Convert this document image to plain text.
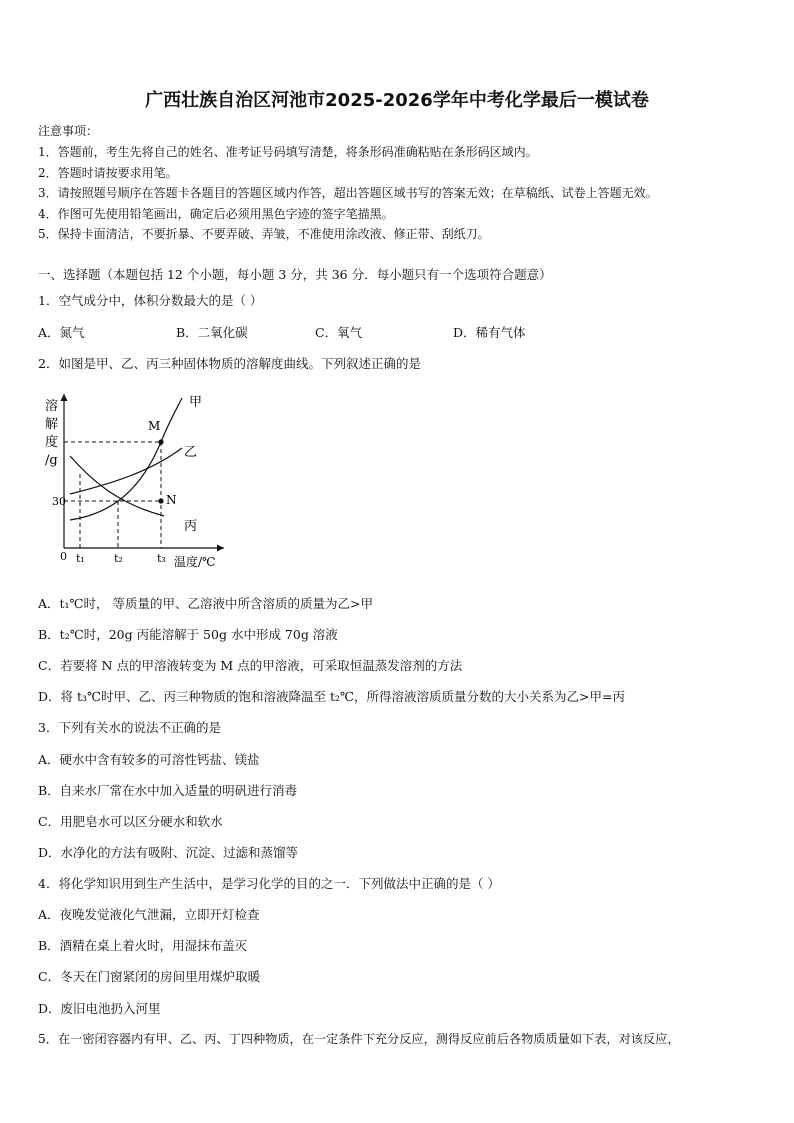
广西壮族自治区河池市2025-2026学年中考化学最后一模试卷
注意事项：
1．答题前，考生先将自己的姓名、准考证号码填写清楚，将条形码准确粘贴在条形码区域内。
2．答题时请按要求用笔。
3．请按照题号顺序在答题卡各题目的答题区域内作答，超出答题区域书写的答案无效；在草稿纸、试卷上答题无效。
4．作图可先使用铅笔画出，确定后必须用黑色字迹的签字笔描黑。
5．保持卡面清洁，不要折暴、不要弄破、弄皱，不准使用涂改液、修正带、刮纸刀。
一、选择题（本题包括 12 个小题，每小题 3 分，共 36 分．每小题只有一个选项符合题意）
1．空气成分中，体积分数最大的是（ ）
A．氮气	B．二氧化碳	C．氧气	D．稀有气体
2．如图是甲、乙、丙三种固体物质的溶解度曲线。下列叙述正确的是
溶
解
度
/g
甲
乙
丙
M
N
30
0 t₁	t₂	t₃ 温度/℃
A．t₁℃时， 等质量的甲、乙溶液中所含溶质的质量为乙>甲
B．t₂℃时，20g 丙能溶解于 50g 水中形成 70g 溶液
C．若要将 N 点的甲溶液转变为 M 点的甲溶液，可采取恒温蒸发溶剂的方法
D．将 t₃℃时甲、乙、丙三种物质的饱和溶液降温至 t₂℃，所得溶液溶质质量分数的大小关系为乙>甲=丙
3．下列有关水的说法不正确的是
A．硬水中含有较多的可溶性钙盐、镁盐
B．自来水厂常在水中加入适量的明矾进行消毒
C．用肥皂水可以区分硬水和软水
D．水净化的方法有吸附、沉淀、过滤和蒸馏等
4．将化学知识用到生产生活中，是学习化学的目的之一．下列做法中正确的是（ ）
A．夜晚发觉液化气泄漏，立即开灯检查
B．酒精在桌上着火时，用湿抹布盖灭
C．冬天在门窗紧闭的房间里用煤炉取暖
D．废旧电池扔入河里
5．在一密闭容器内有甲、乙、丙、丁四种物质，在一定条件下充分反应，测得反应前后各物质质量如下表，对该反应，
